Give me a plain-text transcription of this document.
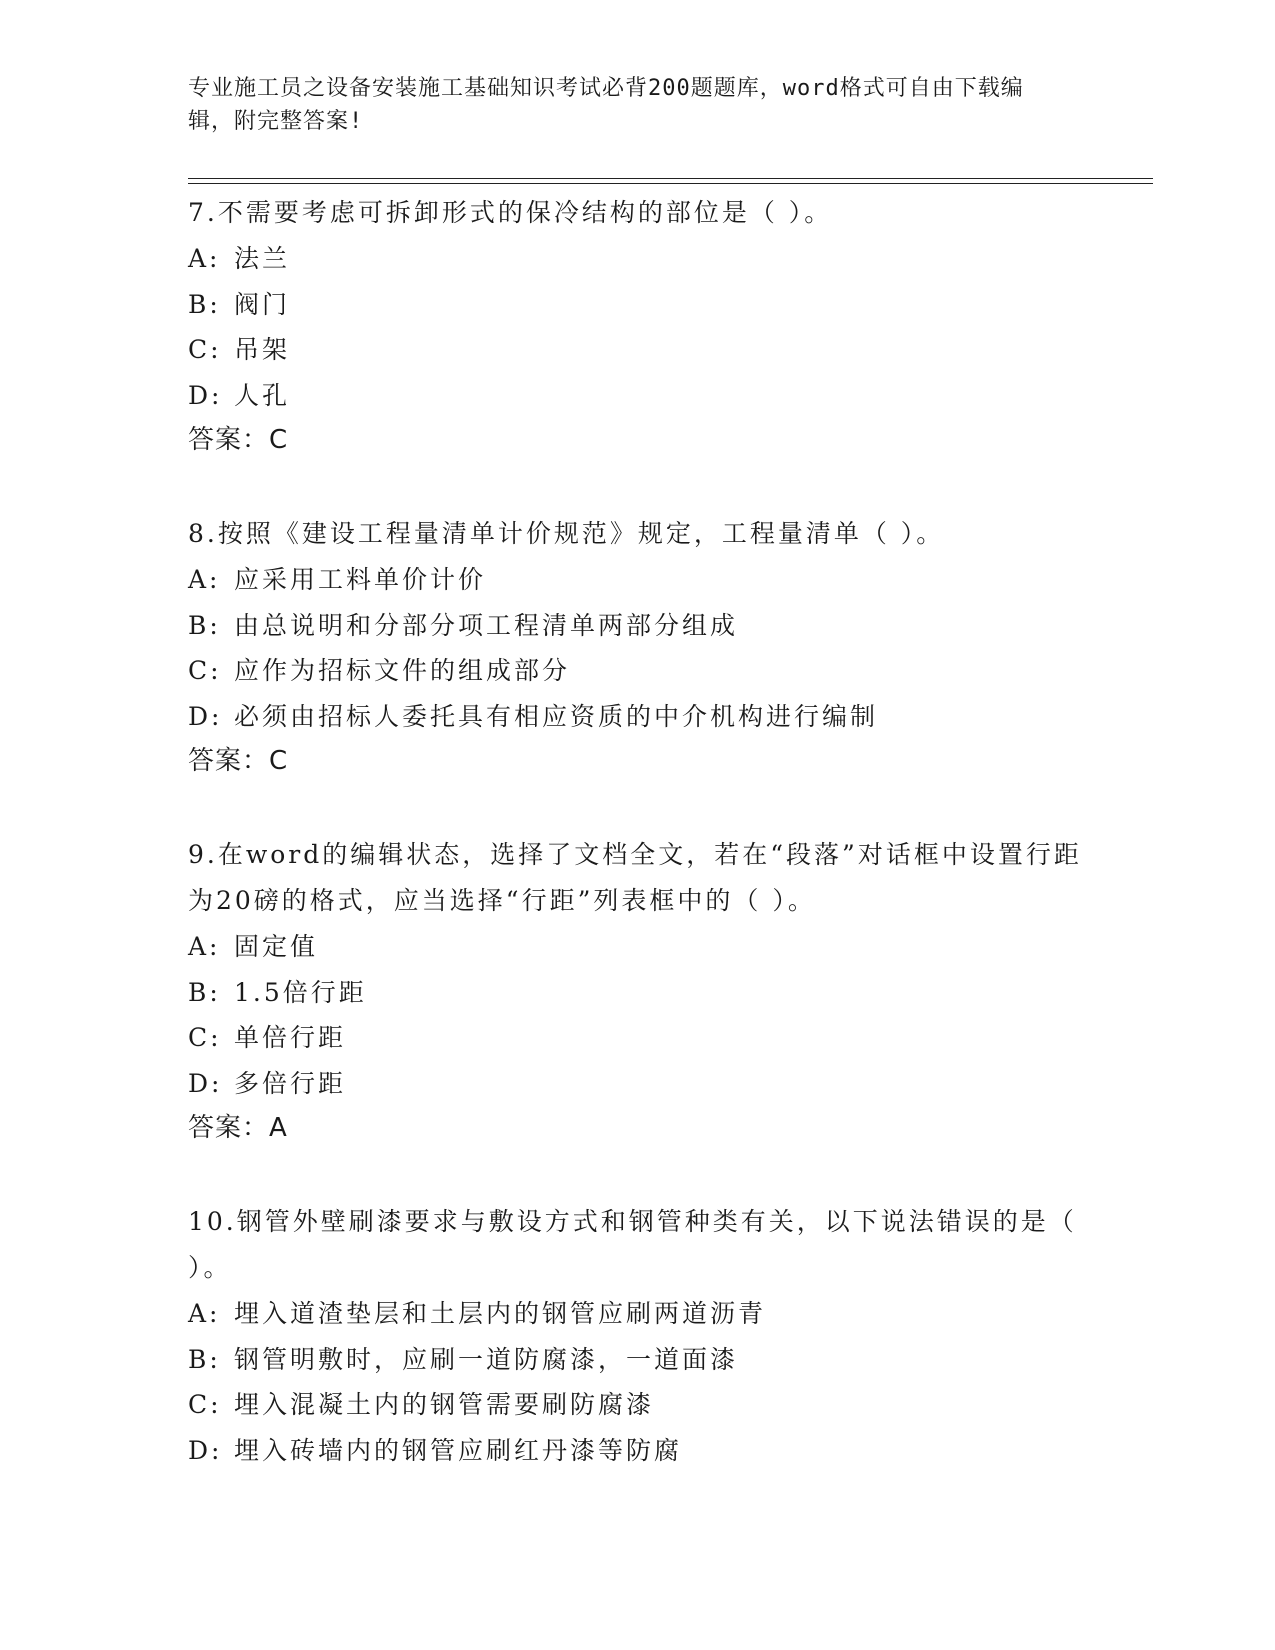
专业施工员之设备安装施工基础知识考试必背200题题库，word格式可自由下载编辑，附完整答案!
7.不需要考虑可拆卸形式的保冷结构的部位是（ ）。
A: 法兰
B: 阀门
C: 吊架
D: 人孔
答案：C
8.按照《建设工程量清单计价规范》规定，工程量清单（ ）。
A: 应采用工料单价计价
B: 由总说明和分部分项工程清单两部分组成
C: 应作为招标文件的组成部分
D: 必须由招标人委托具有相应资质的中介机构进行编制
答案：C
9.在word的编辑状态，选择了文档全文，若在“段落”对话框中设置行距为20磅的格式，应当选择“行距”列表框中的（ ）。
A: 固定值
B: 1.5倍行距
C: 单倍行距
D: 多倍行距
答案：A
10.钢管外壁刷漆要求与敷设方式和钢管种类有关，以下说法错误的是（ ）。
A: 埋入道渣垫层和土层内的钢管应刷两道沥青
B: 钢管明敷时，应刷一道防腐漆，一道面漆
C: 埋入混凝土内的钢管需要刷防腐漆
D: 埋入砖墙内的钢管应刷红丹漆等防腐
